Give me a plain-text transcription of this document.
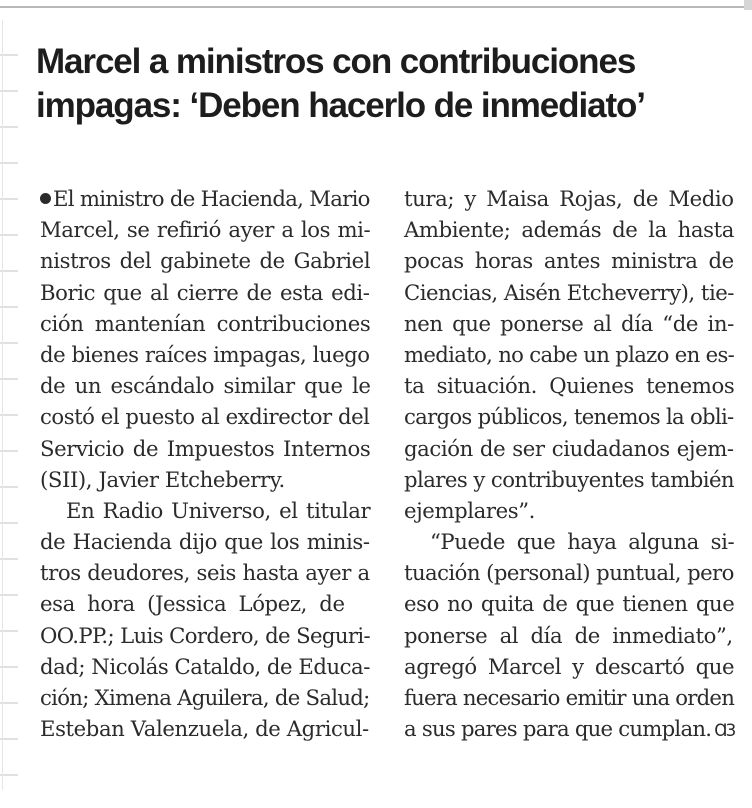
Marcel a ministros con contribuciones
impagas: ‘Deben hacerlo de inmediato’
El ministro de Hacienda, Mario
Marcel, se refirió ayer a los mi-
nistros del gabinete de Gabriel
Boric que al cierre de esta edi-
ción mantenían contribuciones
de bienes raíces impagas, luego
de un escándalo similar que le
costó el puesto al exdirector del
Servicio de Impuestos Internos
(SII), Javier Etcheberry.
En Radio Universo, el titular
de Hacienda dijo que los minis-
tros deudores, seis hasta ayer a
esa hora (Jessica López, de
OO.PP.; Luis Cordero, de Seguri-
dad; Nicolás Cataldo, de Educa-
ción; Ximena Aguilera, de Salud;
Esteban Valenzuela, de Agricul-
tura; y Maisa Rojas, de Medio
Ambiente; además de la hasta
pocas horas antes ministra de
Ciencias, Aisén Etcheverry), tie-
nen que ponerse al día “de in-
mediato, no cabe un plazo en es-
ta situación. Quienes tenemos
cargos públicos, tenemos la obli-
gación de ser ciudadanos ejem-
plares y contribuyentes también
ejemplares”.
“Puede que haya alguna si-
tuación (personal) puntual, pero
eso no quita de que tienen que
ponerse al día de inmediato”,
agregó Marcel y descartó que
fuera necesario emitir una orden
a sus pares para que cumplan. Ɑ3
